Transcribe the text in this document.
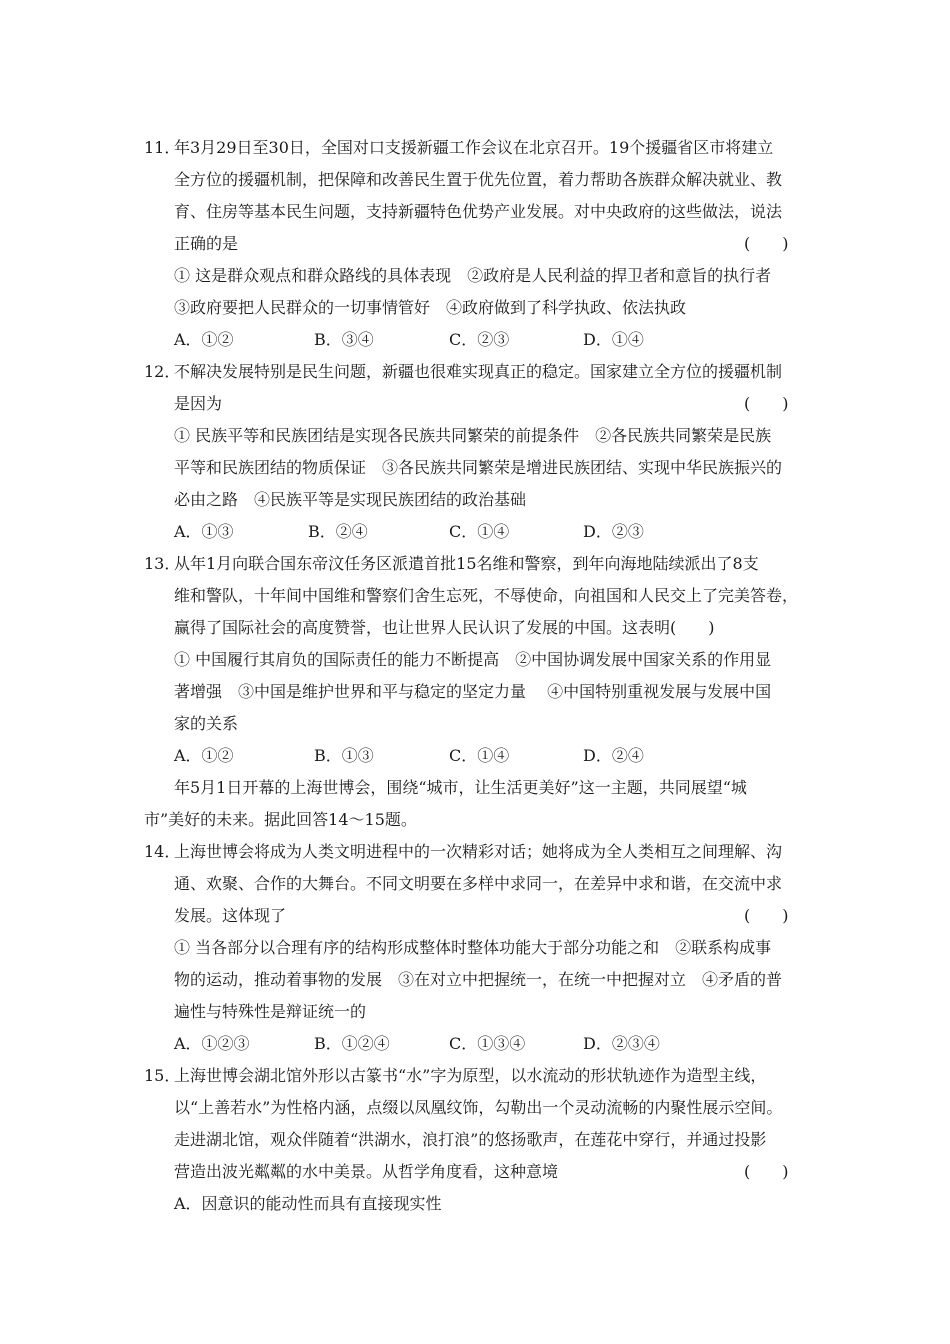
11．
年3月29日至30日，全国对口支援新疆工作会议在北京召开。19个援疆省区市将建立
全方位的援疆机制，把保障和改善民生置于优先位置，着力帮助各族群众解决就业、教
育、住房等基本民生问题，支持新疆特色优势产业发展。对中央政府的这些做法，说法
正确的是	(　　)
① 这是群众观点和群众路线的具体表现　②政府是人民利益的捍卫者和意旨的执行者
③政府要把人民群众的一切事情管好　④政府做到了科学执政、依法执政
A．①②	B．③④	C．②③	D．①④
12．
不解决发展特别是民生问题，新疆也很难实现真正的稳定。国家建立全方位的援疆机制
是因为	(　　)
① 民族平等和民族团结是实现各民族共同繁荣的前提条件　②各民族共同繁荣是民族
平等和民族团结的物质保证　③各民族共同繁荣是增进民族团结、实现中华民族振兴的
必由之路　④民族平等是实现民族团结的政治基础
A．①③	B．②④	C．①④	D．②③
13．
从年1月向联合国东帝汶任务区派遣首批15名维和警察，到年向海地陆续派出了8支
维和警队，十年间中国维和警察们舍生忘死，不辱使命，向祖国和人民交上了完美答卷，
赢得了国际社会的高度赞誉，也让世界人民认识了发展的中国。这表明(　　)
① 中国履行其肩负的国际责任的能力不断提高　②中国协调发展中国家关系的作用显
著增强　③中国是维护世界和平与稳定的坚定力量　 ④中国特别重视发展与发展中国
家的关系
A．①②	B．①③	C．①④	D．②④
年5月1日开幕的上海世博会，围绕“城市，让生活更美好”这一主题，共同展望“城
市”美好的未来。据此回答14～15题。
14．
上海世博会将成为人类文明进程中的一次精彩对话；她将成为全人类相互之间理解、沟
通、欢聚、合作的大舞台。不同文明要在多样中求同一，在差异中求和谐，在交流中求
发展。这体现了	(　　)
① 当各部分以合理有序的结构形成整体时整体功能大于部分功能之和　②联系构成事
物的运动，推动着事物的发展　③在对立中把握统一，在统一中把握对立　④矛盾的普
遍性与特殊性是辩证统一的
A．①②③	B．①②④	C．①③④	D．②③④
15．
上海世博会湖北馆外形以古篆书“水”字为原型，以水流动的形状轨迹作为造型主线，
以“上善若水”为性格内涵，点缀以凤凰纹饰，勾勒出一个灵动流畅的内聚性展示空间。
走进湖北馆，观众伴随着“洪湖水，浪打浪”的悠扬歌声，在莲花中穿行，并通过投影
营造出波光粼粼的水中美景。从哲学角度看，这种意境	(　　)
A．因意识的能动性而具有直接现实性
